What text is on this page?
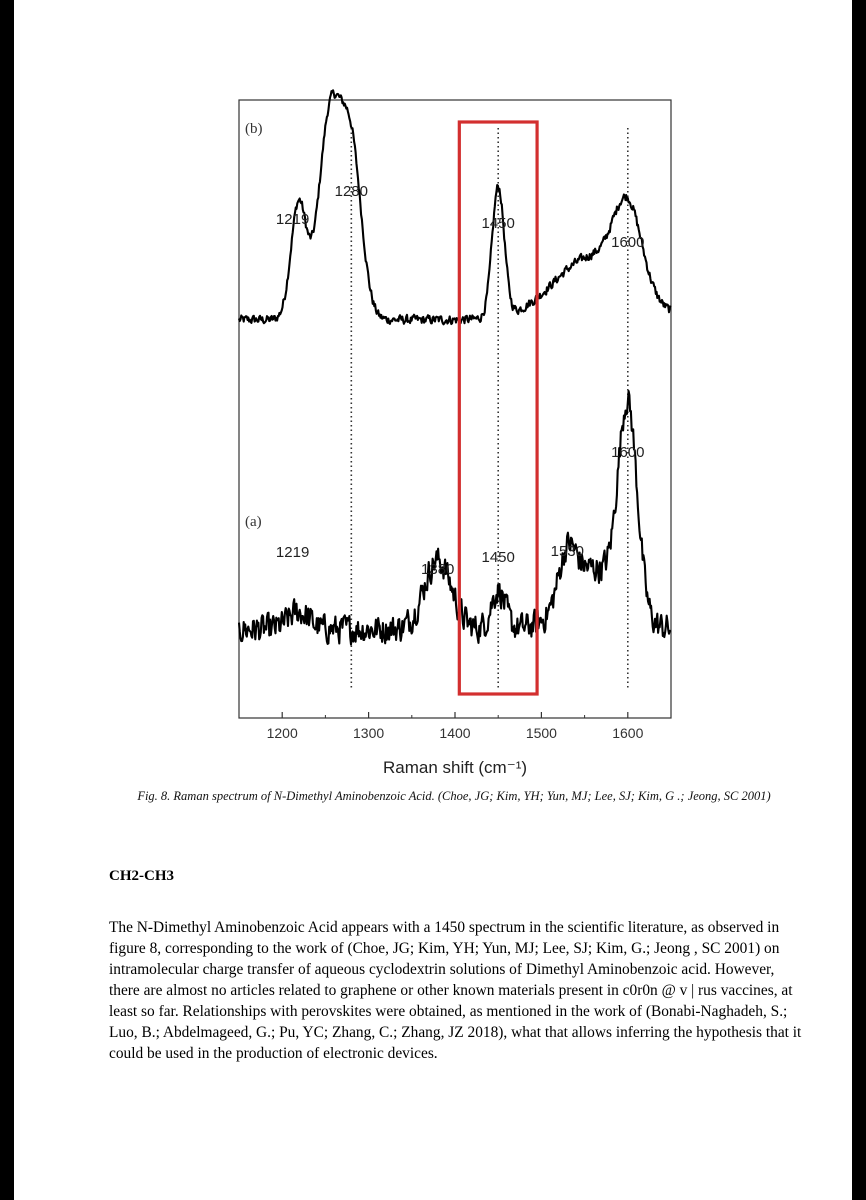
1219
1280
1450
1600
1219
1380
1450 1530
1600
(b)
(a)
1200	1300	1400	1500	1600
Raman shift (cm⁻¹)
Fig. 8. Raman spectrum of N-Dimethyl Aminobenzoic Acid. (Choe, JG; Kim, YH; Yun, MJ; Lee, SJ; Kim, G .; Jeong, SC 2001)
CH2-CH3
The N-Dimethyl Aminobenzoic Acid appears with a 1450 spectrum in the scientific literature, as observed in figure 8, corresponding to the work of (Choe, JG; Kim, YH; Yun, MJ; Lee, SJ; Kim, G.; Jeong , SC 2001) on intramolecular charge transfer of aqueous cyclodextrin solutions of Dimethyl Aminobenzoic acid. However, there are almost no articles related to graphene or other known materials present in c0r0n @ v | rus vaccines, at least so far. Relationships with perovskites were obtained, as mentioned in the work of (Bonabi-Naghadeh, S.; Luo, B.; Abdelmageed, G.; Pu, YC; Zhang, C.; Zhang, JZ 2018), what that allows inferring the hypothesis that it could be used in the production of electronic devices.
